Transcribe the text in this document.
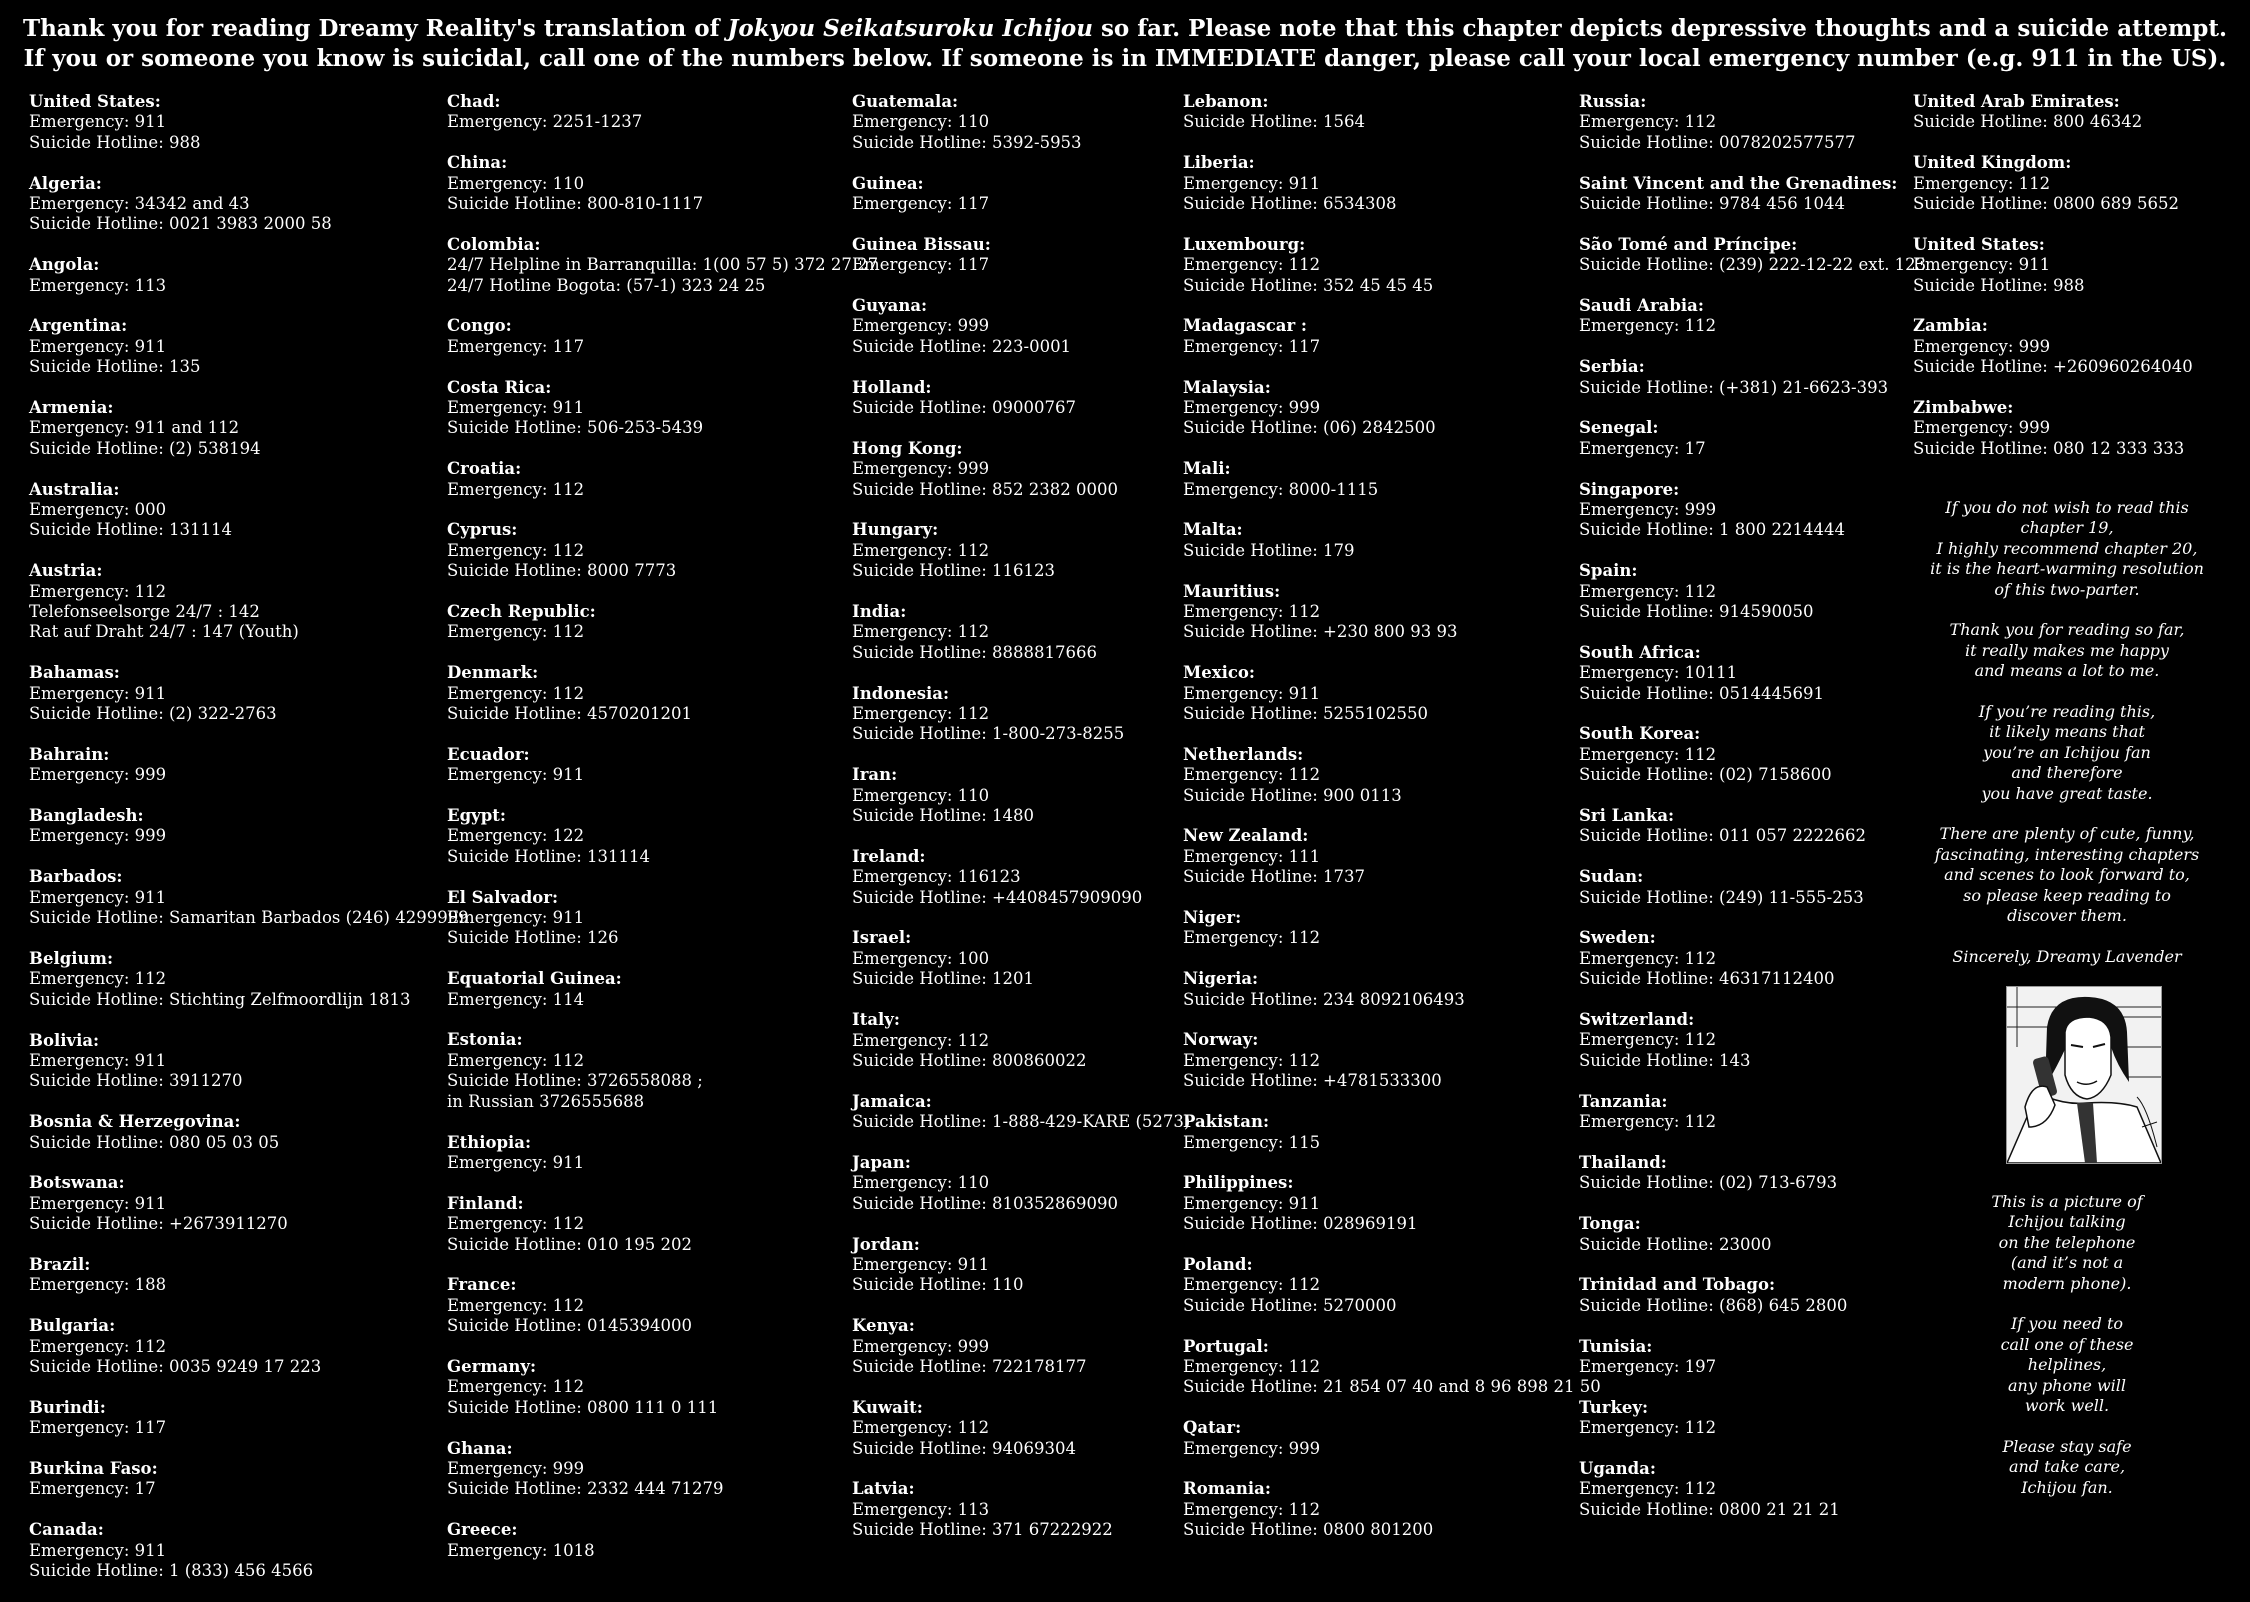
Thank you for reading Dreamy Reality's translation of Jokyou Seikatsuroku Ichijou so far. Please note that this chapter depicts depressive thoughts and a suicide attempt.
If you or someone you know is suicidal, call one of the numbers below. If someone is in IMMEDIATE danger, please call your local emergency number (e.g. 911 in the US).
United States:
Emergency: 911
Suicide Hotline: 988
Algeria:
Emergency: 34342 and 43
Suicide Hotline: 0021 3983 2000 58
Angola:
Emergency: 113
Argentina:
Emergency: 911
Suicide Hotline: 135
Armenia:
Emergency: 911 and 112
Suicide Hotline: (2) 538194
Australia:
Emergency: 000
Suicide Hotline: 131114
Austria:
Emergency: 112
Telefonseelsorge 24/7 : 142
Rat auf Draht 24/7 : 147 (Youth)
Bahamas:
Emergency: 911
Suicide Hotline: (2) 322-2763
Bahrain:
Emergency: 999
Bangladesh:
Emergency: 999
Barbados:
Emergency: 911
Suicide Hotline: Samaritan Barbados (246) 4299999
Belgium:
Emergency: 112
Suicide Hotline: Stichting Zelfmoordlijn 1813
Bolivia:
Emergency: 911
Suicide Hotline: 3911270
Bosnia & Herzegovina:
Suicide Hotline: 080 05 03 05
Botswana:
Emergency: 911
Suicide Hotline: +2673911270
Brazil:
Emergency: 188
Bulgaria:
Emergency: 112
Suicide Hotline: 0035 9249 17 223
Burindi:
Emergency: 117
Burkina Faso:
Emergency: 17
Canada:
Emergency: 911
Suicide Hotline: 1 (833) 456 4566
Chad:
Emergency: 2251-1237
China:
Emergency: 110
Suicide Hotline: 800-810-1117
Colombia:
24/7 Helpline in Barranquilla: 1(00 57 5) 372 27 27
24/7 Hotline Bogota: (57-1) 323 24 25
Congo:
Emergency: 117
Costa Rica:
Emergency: 911
Suicide Hotline: 506-253-5439
Croatia:
Emergency: 112
Cyprus:
Emergency: 112
Suicide Hotline: 8000 7773
Czech Republic:
Emergency: 112
Denmark:
Emergency: 112
Suicide Hotline: 4570201201
Ecuador:
Emergency: 911
Egypt:
Emergency: 122
Suicide Hotline: 131114
El Salvador:
Emergency: 911
Suicide Hotline: 126
Equatorial Guinea:
Emergency: 114
Estonia:
Emergency: 112
Suicide Hotline: 3726558088 ;
in Russian 3726555688
Ethiopia:
Emergency: 911
Finland:
Emergency: 112
Suicide Hotline: 010 195 202
France:
Emergency: 112
Suicide Hotline: 0145394000
Germany:
Emergency: 112
Suicide Hotline: 0800 111 0 111
Ghana:
Emergency: 999
Suicide Hotline: 2332 444 71279
Greece:
Emergency: 1018
Guatemala:
Emergency: 110
Suicide Hotline: 5392-5953
Guinea:
Emergency: 117
Guinea Bissau:
Emergency: 117
Guyana:
Emergency: 999
Suicide Hotline: 223-0001
Holland:
Suicide Hotline: 09000767
Hong Kong:
Emergency: 999
Suicide Hotline: 852 2382 0000
Hungary:
Emergency: 112
Suicide Hotline: 116123
India:
Emergency: 112
Suicide Hotline: 8888817666
Indonesia:
Emergency: 112
Suicide Hotline: 1-800-273-8255
Iran:
Emergency: 110
Suicide Hotline: 1480
Ireland:
Emergency: 116123
Suicide Hotline: +4408457909090
Israel:
Emergency: 100
Suicide Hotline: 1201
Italy:
Emergency: 112
Suicide Hotline: 800860022
Jamaica:
Suicide Hotline: 1-888-429-KARE (5273)
Japan:
Emergency: 110
Suicide Hotline: 810352869090
Jordan:
Emergency: 911
Suicide Hotline: 110
Kenya:
Emergency: 999
Suicide Hotline: 722178177
Kuwait:
Emergency: 112
Suicide Hotline: 94069304
Latvia:
Emergency: 113
Suicide Hotline: 371 67222922
Lebanon:
Suicide Hotline: 1564
Liberia:
Emergency: 911
Suicide Hotline: 6534308
Luxembourg:
Emergency: 112
Suicide Hotline: 352 45 45 45
Madagascar :
Emergency: 117
Malaysia:
Emergency: 999
Suicide Hotline: (06) 2842500
Mali:
Emergency: 8000-1115
Malta:
Suicide Hotline: 179
Mauritius:
Emergency: 112
Suicide Hotline: +230 800 93 93
Mexico:
Emergency: 911
Suicide Hotline: 5255102550
Netherlands:
Emergency: 112
Suicide Hotline: 900 0113
New Zealand:
Emergency: 111
Suicide Hotline: 1737
Niger:
Emergency: 112
Nigeria:
Suicide Hotline: 234 8092106493
Norway:
Emergency: 112
Suicide Hotline: +4781533300
Pakistan:
Emergency: 115
Philippines:
Emergency: 911
Suicide Hotline: 028969191
Poland:
Emergency: 112
Suicide Hotline: 5270000
Portugal:
Emergency: 112
Suicide Hotline: 21 854 07 40 and 8 96 898 21 50
Qatar:
Emergency: 999
Romania:
Emergency: 112
Suicide Hotline: 0800 801200
Russia:
Emergency: 112
Suicide Hotline: 0078202577577
Saint Vincent and the Grenadines:
Suicide Hotline: 9784 456 1044
São Tomé and Príncipe:
Suicide Hotline: (239) 222-12-22 ext. 123
Saudi Arabia:
Emergency: 112
Serbia:
Suicide Hotline: (+381) 21-6623-393
Senegal:
Emergency: 17
Singapore:
Emergency: 999
Suicide Hotline: 1 800 2214444
Spain:
Emergency: 112
Suicide Hotline: 914590050
South Africa:
Emergency: 10111
Suicide Hotline: 0514445691
South Korea:
Emergency: 112
Suicide Hotline: (02) 7158600
Sri Lanka:
Suicide Hotline: 011 057 2222662
Sudan:
Suicide Hotline: (249) 11-555-253
Sweden:
Emergency: 112
Suicide Hotline: 46317112400
Switzerland:
Emergency: 112
Suicide Hotline: 143
Tanzania:
Emergency: 112
Thailand:
Suicide Hotline: (02) 713-6793
Tonga:
Suicide Hotline: 23000
Trinidad and Tobago:
Suicide Hotline: (868) 645 2800
Tunisia:
Emergency: 197
Turkey:
Emergency: 112
Uganda:
Emergency: 112
Suicide Hotline: 0800 21 21 21
United Arab Emirates:
Suicide Hotline: 800 46342
United Kingdom:
Emergency: 112
Suicide Hotline: 0800 689 5652
United States:
Emergency: 911
Suicide Hotline: 988
Zambia:
Emergency: 999
Suicide Hotline: +260960264040
Zimbabwe:
Emergency: 999
Suicide Hotline: 080 12 333 333

If you do not wish to read this chapter 19,
I highly recommend chapter 20,
it is the heart-warming resolution
of this two-parter.

Thank you for reading so far,
it really makes me happy
and means a lot to me.

If you’re reading this,
it likely means that
you’re an Ichijou fan
and therefore
you have great taste.

There are plenty of cute, funny,
fascinating, interesting chapters
and scenes to look forward to,
so please keep reading to
discover them.

Sincerely, Dreamy Lavender

This is a picture of
Ichijou talking
on the telephone
(and it’s not a
modern phone).

If you need to
call one of these
helplines,
any phone will
work well.

Please stay safe
and take care,
Ichijou fan.
